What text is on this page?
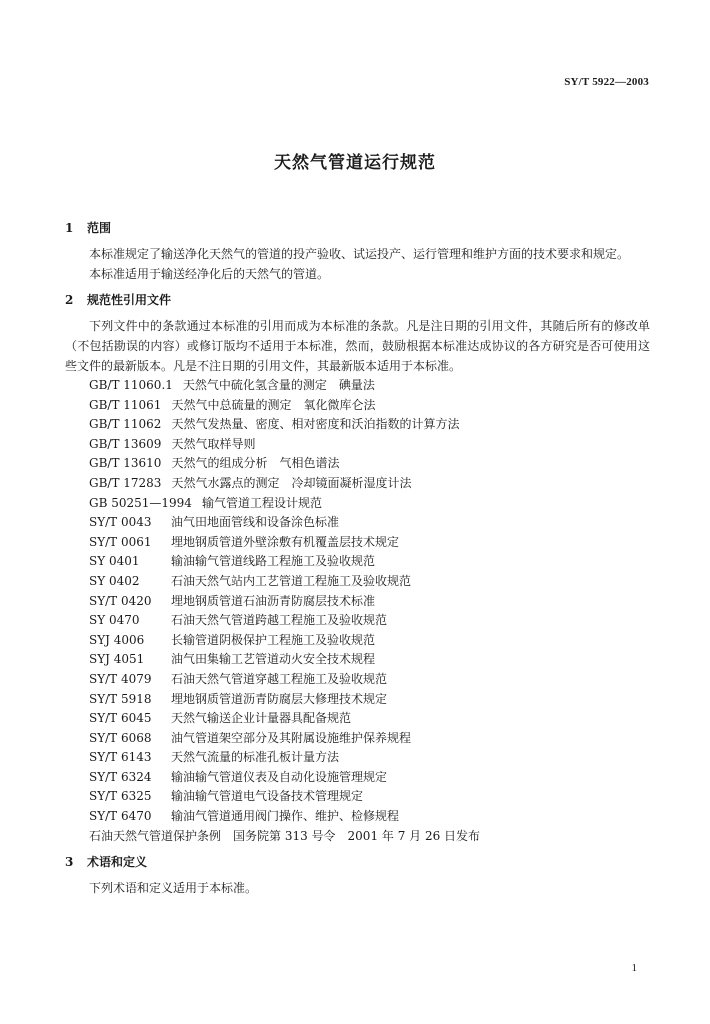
SY/T 5922—2003
天然气管道运行规范
1 范围

本标准规定了输送净化天然气的管道的投产验收、试运投产、运行管理和维护方面的技术要求和规定。

本标准适用于输送经净化后的天然气的管道。

2 规范性引用文件

下列文件中的条款通过本标准的引用而成为本标准的条款。凡是注日期的引用文件，其随后所有的修改单（不包括勘误的内容）或修订版均不适用于本标准，然而，鼓励根据本标准达成协议的各方研究是否可使用这些文件的最新版本。凡是不注日期的引用文件，其最新版本适用于本标准。

GB/T 11060.1 天然气中硫化氢含量的测定　碘量法
GB/T 11061 天然气中总硫量的测定　氧化微库仑法
GB/T 11062 天然气发热量、密度、相对密度和沃泊指数的计算方法
GB/T 13609 天然气取样导则
GB/T 13610 天然气的组成分析　气相色谱法
GB/T 17283 天然气水露点的测定　冷却镜面凝析湿度计法
GB 50251—1994 输气管道工程设计规范
SY/T 0043 油气田地面管线和设备涂色标准
SY/T 0061 埋地钢质管道外壁涂敷有机覆盖层技术规定
SY 0401	输油输气管道线路工程施工及验收规范
SY 0402	石油天然气站内工艺管道工程施工及验收规范
SY/T 0420 埋地钢质管道石油沥青防腐层技术标准
SY 0470	石油天然气管道跨越工程施工及验收规范
SYJ 4006 长输管道阴极保护工程施工及验收规范
SYJ 4051 油气田集输工艺管道动火安全技术规程
SY/T 4079 石油天然气管道穿越工程施工及验收规范
SY/T 5918 埋地钢质管道沥青防腐层大修理技术规定
SY/T 6045 天然气输送企业计量器具配备规范
SY/T 6068 油气管道架空部分及其附属设施维护保养规程
SY/T 6143 天然气流量的标准孔板计量方法
SY/T 6324 输油输气管道仪表及自动化设施管理规定
SY/T 6325 输油输气管道电气设备技术管理规定
SY/T 6470 输油气管道通用阀门操作、维护、检修规程
石油天然气管道保护条例　国务院第 313 号令　2001 年 7 月 26 日发布
3 术语和定义

下列术语和定义适用于本标准。

1
